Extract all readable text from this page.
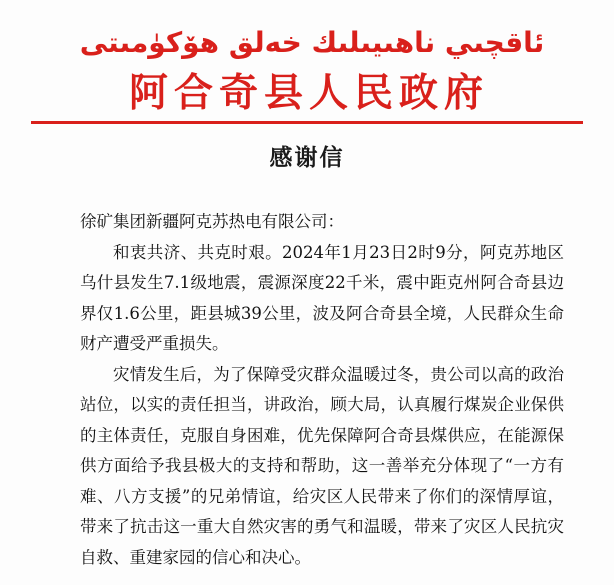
ئاقچىي ناھىيىلىك خەلق ھۆكۈمىتى
阿合奇县人民政府
感谢信

徐矿集团新疆阿克苏热电有限公司：

和衷共济、共克时艰。2024年1月23日2时9分，阿克苏地区乌什县发生7.1级地震，震源深度22千米，震中距克州阿合奇县边界仅1.6公里，距县城39公里，波及阿合奇县全境，人民群众生命财产遭受严重损失。

灾情发生后，为了保障受灾群众温暖过冬，贵公司以高的政治站位，以实的责任担当，讲政治，顾大局，认真履行煤炭企业保供的主体责任，克服自身困难，优先保障阿合奇县煤供应，在能源保供方面给予我县极大的支持和帮助，这一善举充分体现了“一方有难、八方支援”的兄弟情谊，给灾区人民带来了你们的深情厚谊，带来了抗击这一重大自然灾害的勇气和温暖，带来了灾区人民抗灾自救、重建家园的信心和决心。
